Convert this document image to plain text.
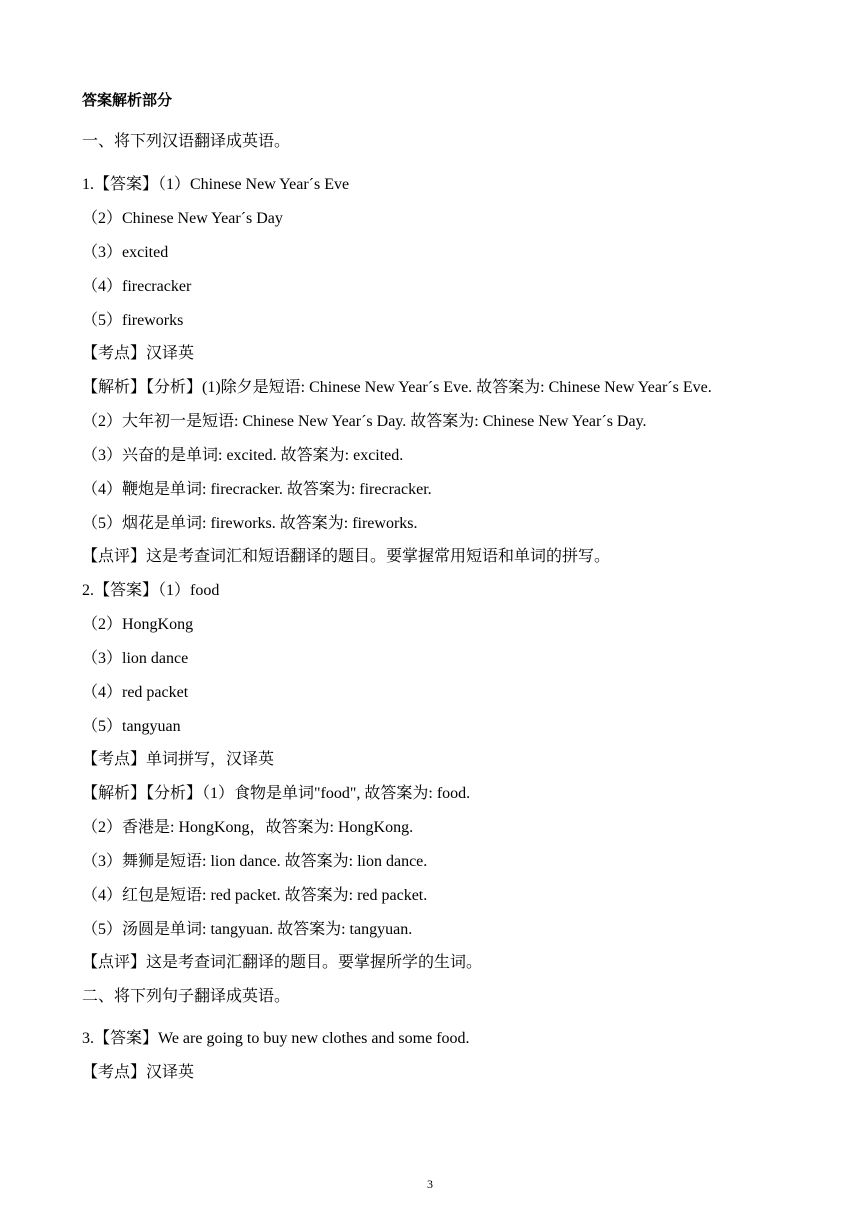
答案解析部分
一、将下列汉语翻译成英语。
1.【答案】（1）Chinese New Year´s Eve
（2）Chinese New Year´s Day
（3）excited
（4）firecracker
（5）fireworks
【考点】汉译英
【解析】【分析】(1)除夕是短语: Chinese New Year´s Eve. 故答案为: Chinese New Year´s Eve.
（2）大年初一是短语: Chinese New Year´s Day. 故答案为: Chinese New Year´s Day.
（3）兴奋的是单词: excited. 故答案为: excited.
（4）鞭炮是单词: firecracker. 故答案为: firecracker.
（5）烟花是单词: fireworks. 故答案为: fireworks.
【点评】这是考查词汇和短语翻译的题目。要掌握常用短语和单词的拼写。
2.【答案】（1）food
（2）HongKong
（3）lion dance
（4）red packet
（5）tangyuan
【考点】单词拼写，汉译英
【解析】【分析】（1）食物是单词"food", 故答案为: food.
（2）香港是: HongKong，故答案为: HongKong.
（3）舞狮是短语: lion dance. 故答案为: lion dance.
（4）红包是短语: red packet. 故答案为: red packet.
（5）汤圆是单词: tangyuan. 故答案为: tangyuan.
【点评】这是考查词汇翻译的题目。要掌握所学的生词。
二、将下列句子翻译成英语。
3.【答案】We are going to buy new clothes and some food.
【考点】汉译英
3
